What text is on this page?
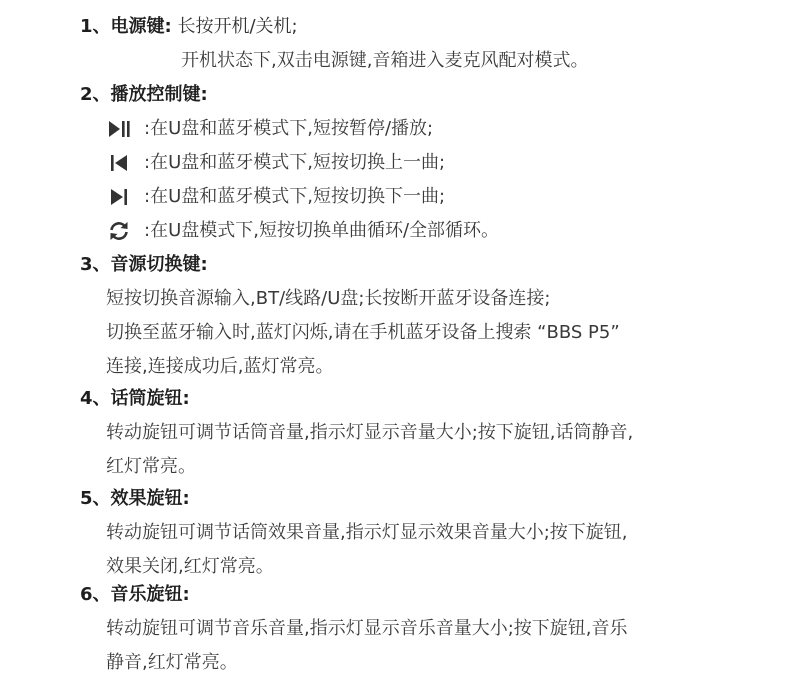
1、电源键: 长按开机/关机;
开机状态下,双击电源键,音箱进入麦克风配对模式。
2、播放控制键:
:在U盘和蓝牙模式下,短按暂停/播放;
:在U盘和蓝牙模式下,短按切换上一曲;
:在U盘和蓝牙模式下,短按切换下一曲;
:在U盘模式下,短按切换单曲循环/全部循环。
3、音源切换键:
短按切换音源输入,BT/线路/U盘;长按断开蓝牙设备连接;
切换至蓝牙输入时,蓝灯闪烁,请在手机蓝牙设备上搜索 “BBS P5”
连接,连接成功后,蓝灯常亮。
4、话筒旋钮:
转动旋钮可调节话筒音量,指示灯显示音量大小;按下旋钮,话筒静音,
红灯常亮。
5、效果旋钮:
转动旋钮可调节话筒效果音量,指示灯显示效果音量大小;按下旋钮,
效果关闭,红灯常亮。
6、音乐旋钮:
转动旋钮可调节音乐音量,指示灯显示音乐音量大小;按下旋钮,音乐
静音,红灯常亮。
